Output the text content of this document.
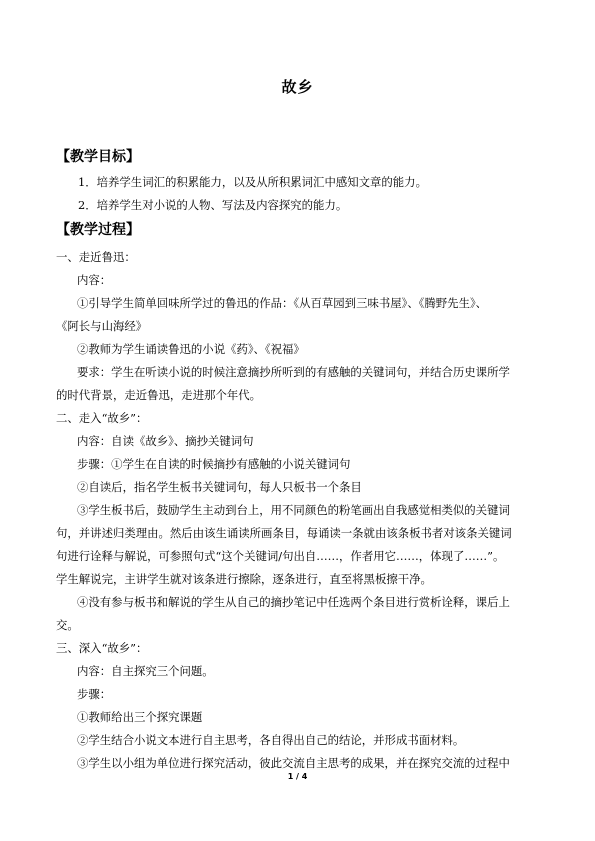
故乡
【教学目标】
1．培养学生词汇的积累能力，以及从所积累词汇中感知文章的能力。
2．培养学生对小说的人物、写法及内容探究的能力。
【教学过程】
一、走近鲁迅：
内容：
①引导学生简单回味所学过的鲁迅的作品：《从百草园到三味书屋》、《腾野先生》、
《阿长与山海经》
②教师为学生诵读鲁迅的小说《药》、《祝福》
要求：学生在听读小说的时候注意摘抄所听到的有感触的关键词句，并结合历史课所学
的时代背景，走近鲁迅，走进那个年代。
二、走入“故乡”：
内容：自读《故乡》、摘抄关键词句
步骤：①学生在自读的时候摘抄有感触的小说关键词句
②自读后，指名学生板书关键词句，每人只板书一个条目
③学生板书后，鼓励学生主动到台上，用不同颜色的粉笔画出自我感觉相类似的关键词
句，并讲述归类理由。然后由该生诵读所画条目，每诵读一条就由该条板书者对该条关键词
句进行诠释与解说，可参照句式“这个关键词/句出自……，作者用它……，体现了……”。
学生解说完，主讲学生就对该条进行擦除，逐条进行，直至将黑板擦干净。
④没有参与板书和解说的学生从自己的摘抄笔记中任选两个条目进行赏析诠释，课后上
交。
三、深入“故乡”：
内容：自主探究三个问题。
步骤：
①教师给出三个探究课题
②学生结合小说文本进行自主思考，各自得出自己的结论，并形成书面材料。
③学生以小组为单位进行探究活动，彼此交流自主思考的成果，并在探究交流的过程中
1 / 4
